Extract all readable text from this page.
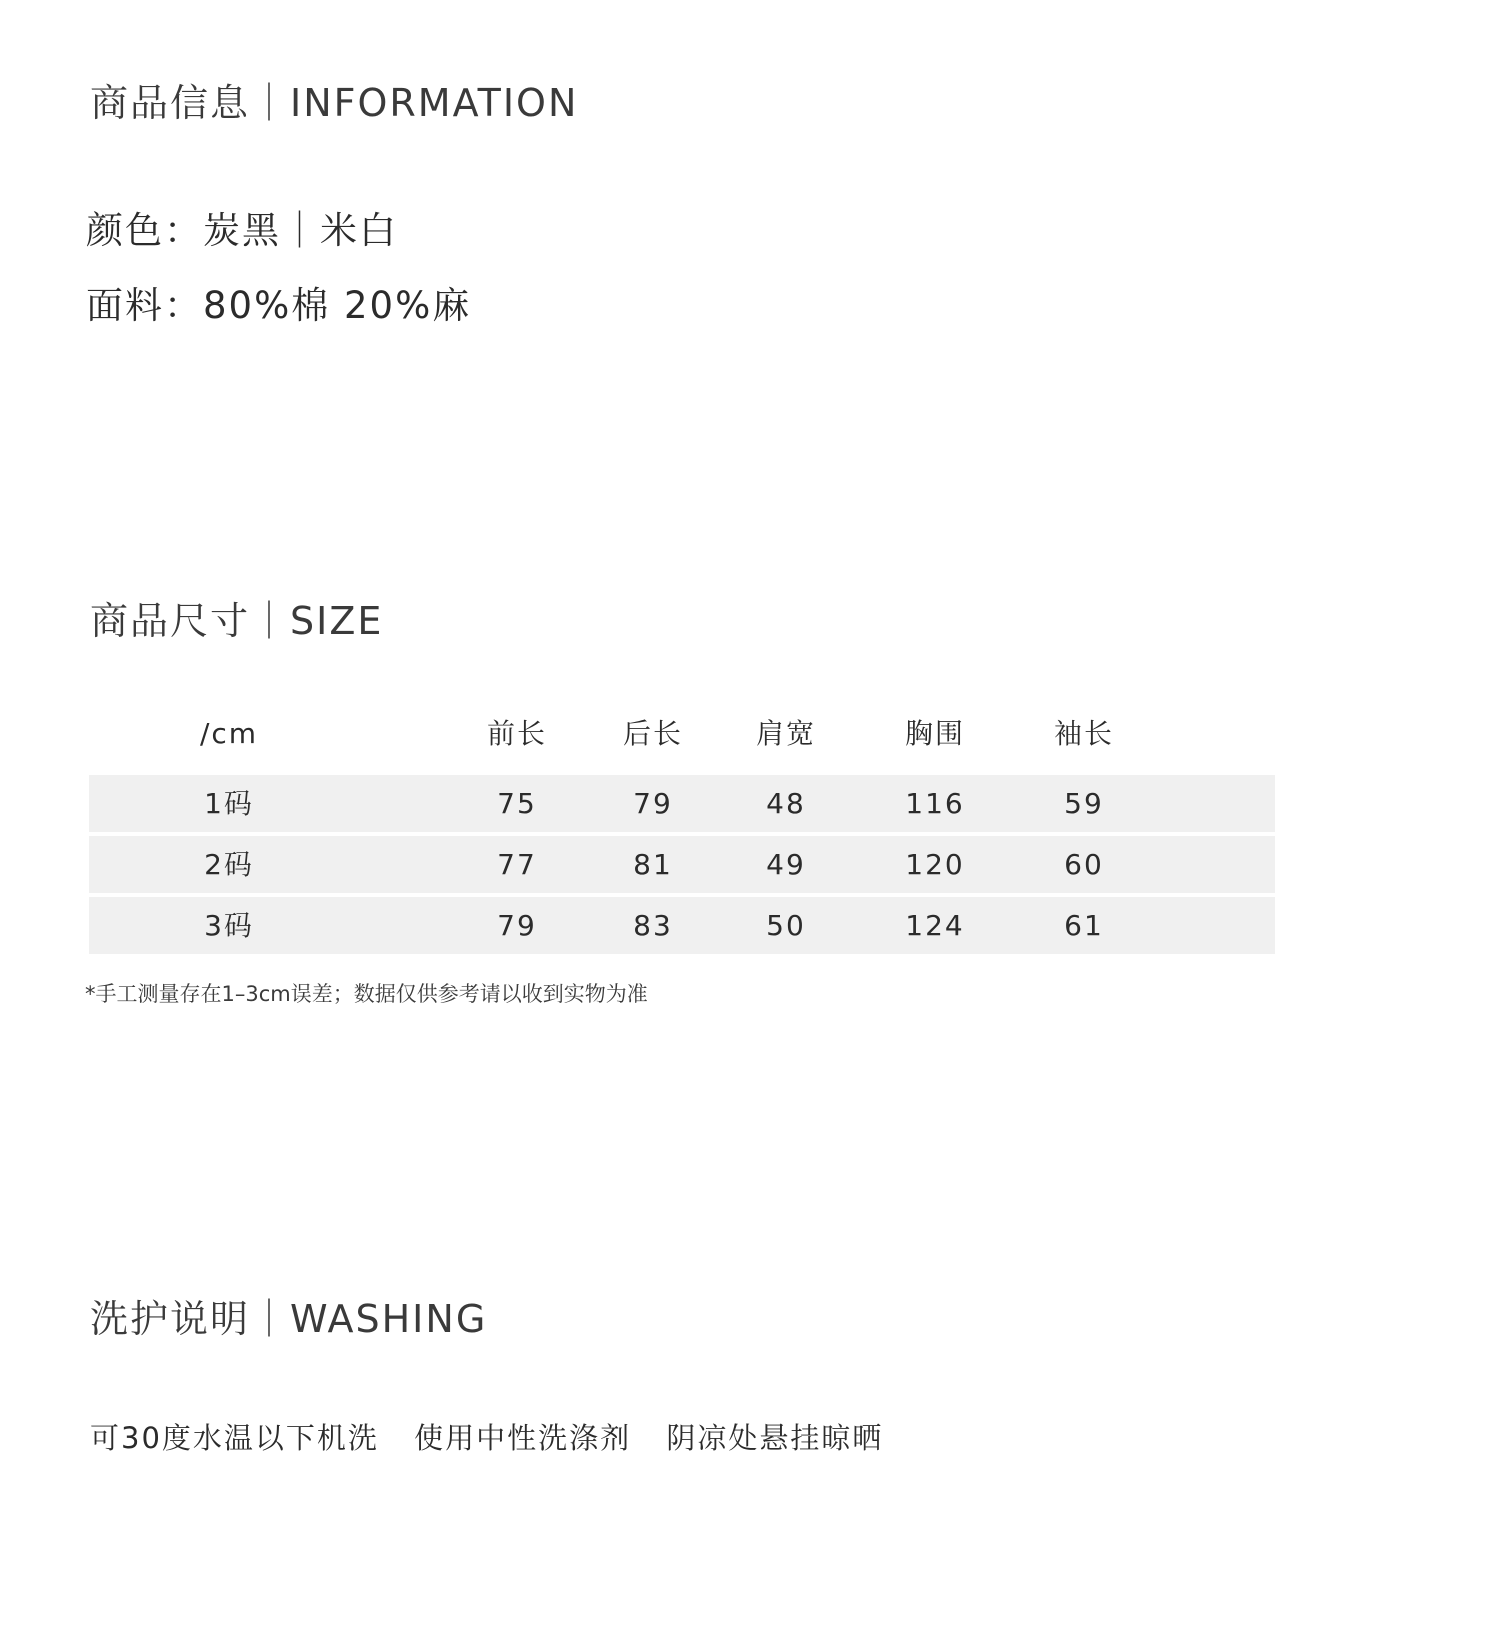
商品信息｜INFORMATION
颜色：炭黑｜米白
面料：80%棉 20%麻
商品尺寸｜SIZE
/cm	前长	后长	肩宽	胸围	袖长
1码	75	79	48	116	59
2码	77	81	49	120	60
3码	79	83	50	124	61
*手工测量存在1–3cm误差；数据仅供参考请以收到实物为准
洗护说明｜WASHING
可30度水温以下机洗 使用中性洗涤剂 阴凉处悬挂晾晒
